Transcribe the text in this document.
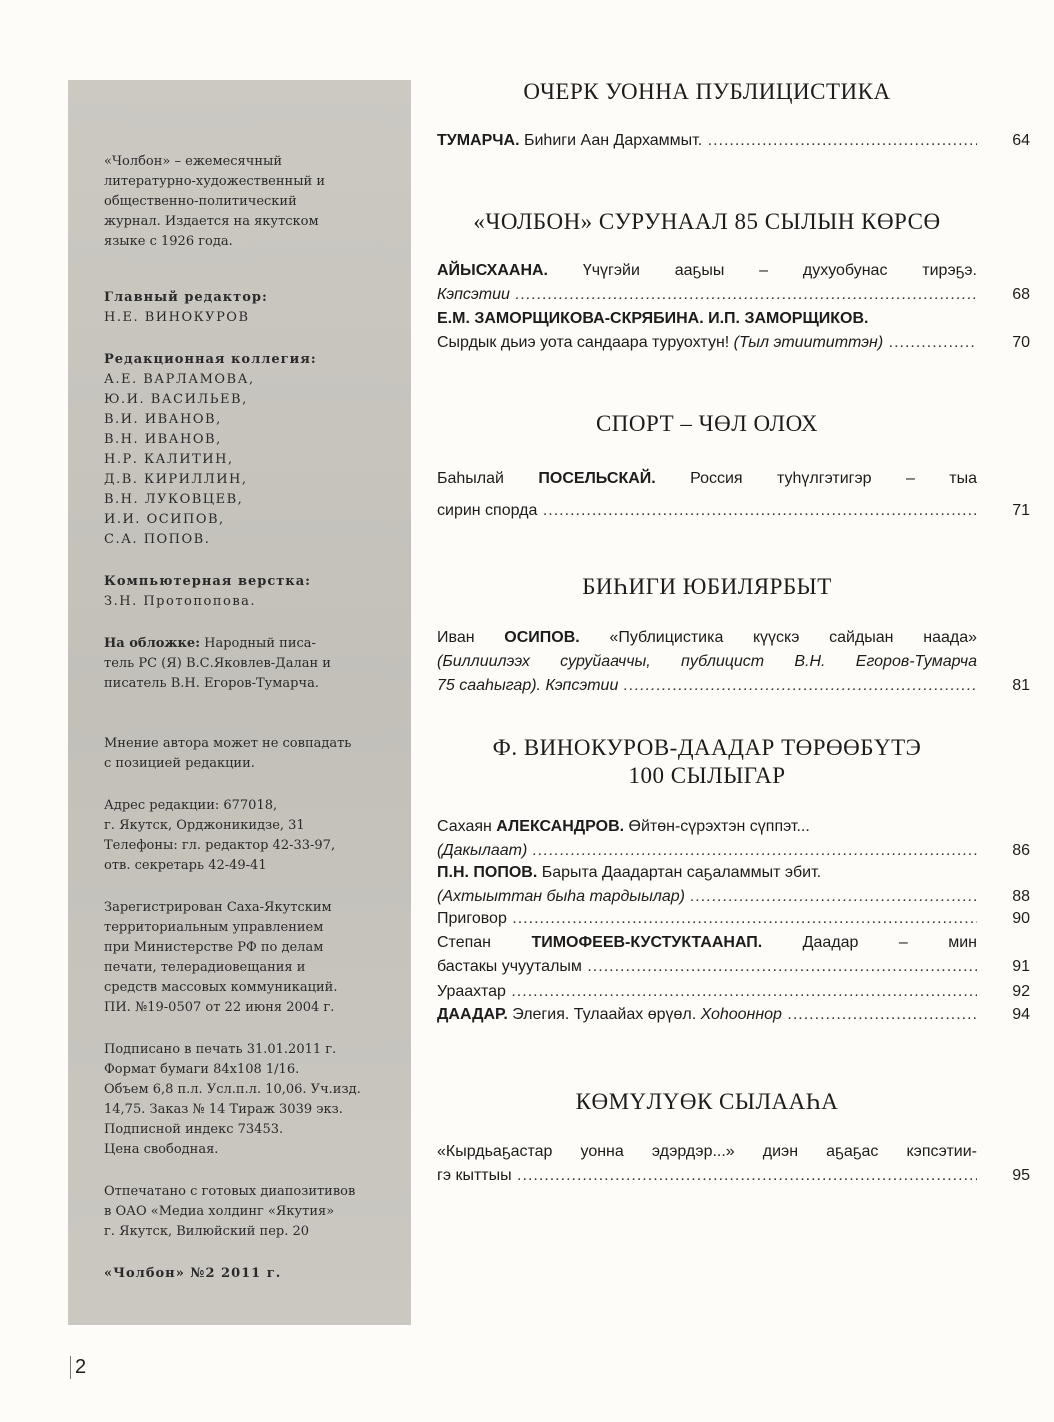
«Чолбон» – ежемесячный
литературно-художественный и
общественно-политический
журнал. Издается на якутском
языке с 1926 года.
Главный редактор:
Н.Е. ВИНОКУРОВ
Редакционная коллегия:
А.Е. ВАРЛАМОВА,
Ю.И. ВАСИЛЬЕВ,
В.И. ИВАНОВ,
В.Н. ИВАНОВ,
Н.Р. КАЛИТИН,
Д.В. КИРИЛЛИН,
В.Н. ЛУКОВЦЕВ,
И.И. ОСИПОВ,
С.А. ПОПОВ.
Компьютерная верстка:
З.Н. Протопопова.
На обложке: Народный писа-
тель РС (Я) В.С.Яковлев-Далан и
писатель В.Н. Егоров-Тумарча.
Мнение автора может не совпадать
с позицией редакции.
Адрес редакции: 677018,
г. Якутск, Орджоникидзе, 31
Телефоны: гл. редактор 42-33-97,
отв. секретарь 42-49-41
Зарегистрирован Саха-Якутским
территориальным управлением
при Министерстве РФ по делам
печати, телерадиовещания и
средств массовых коммуникаций.
ПИ. №19-0507 от 22 июня 2004 г.
Подписано в печать 31.01.2011 г.
Формат бумаги 84х108 1/16.
Объем 6,8 п.л. Усл.п.л. 10,06. Уч.изд.
14,75. Заказ № 14 Тираж 3039 экз.
Подписной индекс 73453.
Цена свободная.
Отпечатано с готовых диапозитивов
в ОАО «Медиа холдинг «Якутия»
г. Якутск, Вилюйский пер. 20
«Чолбон» №2 2011 г.
ОЧЕРК УОННА ПУБЛИЦИСТИКА
ТУМАРЧА. Биһиги Аан Дархаммыт. .....	64
«ЧОЛБОН» СУРУНААЛ 85 СЫЛЫН КӨРСӨ
АЙЫСХААНА. Үчүгэйи ааҕыы – духуобунас тирэҕэ.
Кэпсэтии .....	68
Е.М. ЗАМОРЩИКОВА-СКРЯБИНА. И.П. ЗАМОРЩИКОВ.
Сырдык дьиэ уота сандаара туруохтун! (Тыл этиититтэн) .....	70
СПОРТ – ЧӨЛ ОЛОХ
Баһылай ПОСЕЛЬСКАЙ. Россия туһүлгэтигэр – тыа
сирин спорда .....	71
БИҺИГИ ЮБИЛЯРБЫТ
Иван ОСИПОВ. «Публицистика күүскэ сайдыан наада»
(Биллиилээх суруйааччы, публицист В.Н. Егоров-Тумарча
75 сааһыгар). Кэпсэтии .....	81
Ф. ВИНОКУРОВ-ДААДАР ТӨРӨӨБҮТЭ
100 СЫЛЫГАР
Сахаян АЛЕКСАНДРОВ. Өйтөн-сүрэхтэн сүппэт...
(Дакылаат) .....	86
П.Н. ПОПОВ. Барыта Даадартан саҕаламмыт эбит.
(Ахтыыттан быһа тардыылар) .....	88
Приговор .....	90
Степан ТИМОФЕЕВ-КУСТУКТААНАП. Даадар – мин
бастакы учууталым .....	91
Ураахтар .....	92
ДААДАР. Элегия. Тулаайах өрүөл. Хоhооннор .....	94
КӨМҮЛҮӨК СЫЛААҺА
«Кырдьаҕастар уонна эдэрдэр...» диэн аҕаҕас кэпсэтии-
гэ кыттыы .....	95
2
